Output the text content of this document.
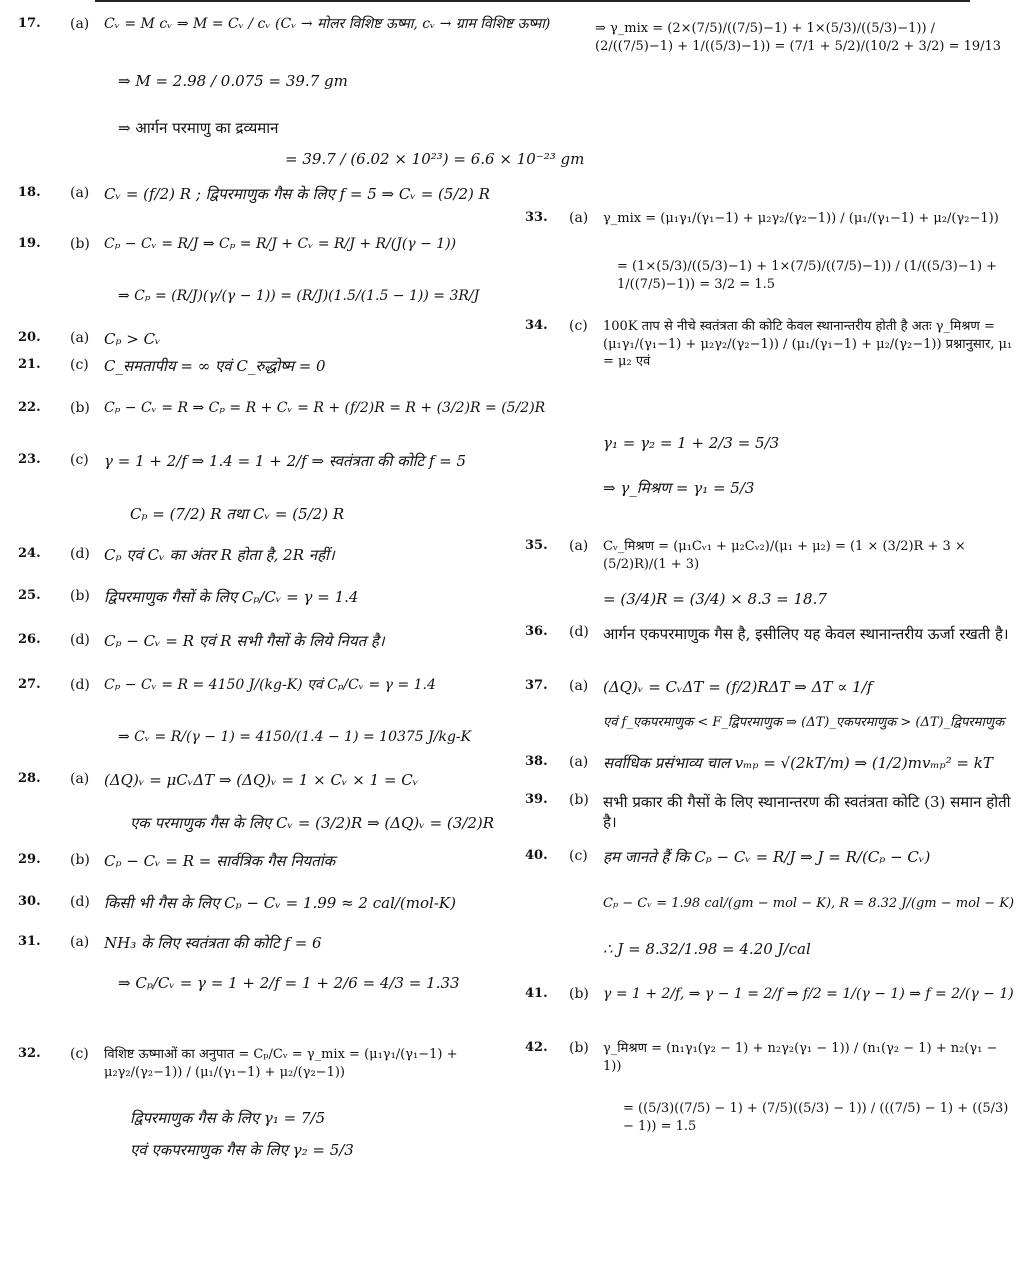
17. (a)	Cᵥ = M cᵥ ⇒ M = Cᵥ / cᵥ (Cᵥ → मोलर विशिष्ट ऊष्मा, cᵥ → ग्राम विशिष्ट ऊष्मा)
⇒ M = 2.98 / 0.075 = 39.7 gm
⇒ आर्गन परमाणु का द्रव्यमान
= 39.7 / (6.02 × 10²³) = 6.6 × 10⁻²³ gm
18. (a) Cᵥ = (f/2) R ; द्विपरमाणुक गैस के लिए f = 5 ⇒ Cᵥ = (5/2) R
19. (b)	Cₚ − Cᵥ = R/J ⇒ Cₚ = R/J + Cᵥ = R/J + R/(J(γ − 1))
⇒ Cₚ = (R/J)(γ/(γ − 1)) = (R/J)(1.5/(1.5 − 1)) = 3R/J
20. (a) Cₚ > Cᵥ
21. (c)	C_समतापीय = ∞ एवं C_रुद्धोष्म = 0
22. (b)	Cₚ − Cᵥ = R ⇒ Cₚ = R + Cᵥ = R + (f/2)R = R + (3/2)R = (5/2)R
23. (c)	γ = 1 + 2/f ⇒ 1.4 = 1 + 2/f ⇒ स्वतंत्रता की कोटि f = 5
Cₚ = (7/2) R तथा Cᵥ = (5/2) R
24. (d) Cₚ एवं Cᵥ का अंतर R होता है, 2R नहीं।
25. (b) द्विपरमाणुक गैसों के लिए Cₚ/Cᵥ = γ = 1.4
26. (d) Cₚ − Cᵥ = R एवं R सभी गैसों के लिये नियत है।
27. (d)	Cₚ − Cᵥ = R = 4150 J/(kg-K) एवं Cₚ/Cᵥ = γ = 1.4
⇒ Cᵥ = R/(γ − 1) = 4150/(1.4 − 1) = 10375 J/kg-K
28. (a) (ΔQ)ᵥ = μCᵥΔT ⇒ (ΔQ)ᵥ = 1 × Cᵥ × 1 = Cᵥ
एक परमाणुक गैस के लिए Cᵥ = (3/2)R ⇒ (ΔQ)ᵥ = (3/2)R
29. (b) Cₚ − Cᵥ = R = सार्वत्रिक गैस नियतांक
30. (d) किसी भी गैस के लिए Cₚ − Cᵥ = 1.99 ≈ 2 cal/(mol-K)
31. (a) NH₃ के लिए स्वतंत्रता की कोटि f = 6
⇒ Cₚ/Cᵥ = γ = 1 + 2/f = 1 + 2/6 = 4/3 = 1.33
32. (c)	विशिष्ट ऊष्माओं का अनुपात = Cₚ/Cᵥ = γ_mix = (μ₁γ₁/(γ₁−1) + μ₂γ₂/(γ₂−1)) / (μ₁/(γ₁−1) + μ₂/(γ₂−1))
द्विपरमाणुक गैस के लिए γ₁ = 7/5
एवं एकपरमाणुक गैस के लिए γ₂ = 5/3
⇒ γ_mix = (2×(7/5)/((7/5)−1) + 1×(5/3)/((5/3)−1)) / (2/((7/5)−1) + 1/((5/3)−1)) = (7/1 + 5/2)/(10/2 + 3/2) = 19/13
33. (a)	γ_mix = (μ₁γ₁/(γ₁−1) + μ₂γ₂/(γ₂−1)) / (μ₁/(γ₁−1) + μ₂/(γ₂−1))
= (1×(5/3)/((5/3)−1) + 1×(7/5)/((7/5)−1)) / (1/((5/3)−1) + 1/((7/5)−1)) = 3/2 = 1.5
34. (c)	100K ताप से नीचे स्वतंत्रता की कोटि केवल स्थानान्तरीय होती है अतः γ_मिश्रण = (μ₁γ₁/(γ₁−1) + μ₂γ₂/(γ₂−1)) / (μ₁/(γ₁−1) + μ₂/(γ₂−1)) प्रश्नानुसार, μ₁ = μ₂ एवं
γ₁ = γ₂ = 1 + 2/3 = 5/3
⇒ γ_मिश्रण = γ₁ = 5/3
35. (a)	Cᵥ_मिश्रण = (μ₁Cᵥ₁ + μ₂Cᵥ₂)/(μ₁ + μ₂) = (1 × (3/2)R + 3 × (5/2)R)/(1 + 3)
= (3/4)R = (3/4) × 8.3 = 18.7
36. (d) आर्गन एकपरमाणुक गैस है, इसीलिए यह केवल स्थानान्तरीय ऊर्जा रखती है।
37. (a) (ΔQ)ᵥ = CᵥΔT = (f/2)RΔT ⇒ ΔT ∝ 1/f
एवं f_एकपरमाणुक < F_द्विपरमाणुक ⇒ (ΔT)_एकपरमाणुक > (ΔT)_द्विपरमाणुक
38. (a) सर्वाधिक प्रसंभाव्य चाल vₘₚ = √(2kT/m) ⇒ (1/2)mvₘₚ² = kT
39. (b) सभी प्रकार की गैसों के लिए स्थानान्तरण की स्वतंत्रता कोटि (3) समान होती है।
40. (c)	हम जानते हैं कि Cₚ − Cᵥ = R/J ⇒ J = R/(Cₚ − Cᵥ)
Cₚ − Cᵥ = 1.98 cal/(gm − mol − K), R = 8.32 J/(gm − mol − K)
∴ J = 8.32/1.98 = 4.20 J/cal
41. (b)	γ = 1 + 2/f, ⇒ γ − 1 = 2/f ⇒ f/2 = 1/(γ − 1) ⇒ f = 2/(γ − 1)
42. (b)	γ_मिश्रण = (n₁γ₁(γ₂ − 1) + n₂γ₂(γ₁ − 1)) / (n₁(γ₂ − 1) + n₂(γ₁ − 1))
= ((5/3)((7/5) − 1) + (7/5)((5/3) − 1)) / (((7/5) − 1) + ((5/3) − 1)) = 1.5
